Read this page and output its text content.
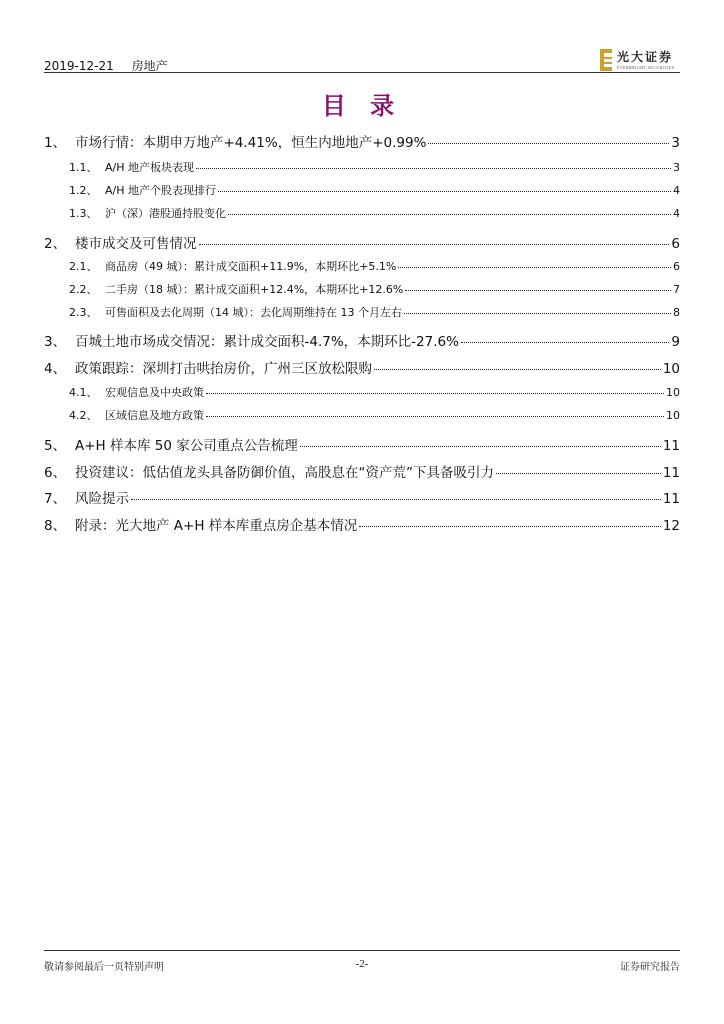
2019-12-21 房地产
光大证券
EVERBRIGHT SECURITIES
目 录
1、 市场行情：本期申万地产+4.41%，恒生内地地产+0.99%	3
1.1、 A/H 地产板块表现	3
1.2、 A/H 地产个股表现排行	4
1.3、 沪（深）港股通持股变化	4
2、 楼市成交及可售情况	6
2.1、 商品房（49 城）：累计成交面积+11.9%，本期环比+5.1%	6
2.2、 二手房（18 城）：累计成交面积+12.4%，本期环比+12.6%	7
2.3、 可售面积及去化周期（14 城）：去化周期维持在 13 个月左右	8
3、 百城土地市场成交情况：累计成交面积-4.7%，本期环比-27.6%	9
4、 政策跟踪：深圳打击哄抬房价，广州三区放松限购	10
4.1、 宏观信息及中央政策	10
4.2、 区域信息及地方政策	10
5、 A+H 样本库 50 家公司重点公告梳理	11
6、 投资建议：低估值龙头具备防御价值，高股息在“资产荒”下具备吸引力	11
7、 风险提示	11
8、 附录：光大地产 A+H 样本库重点房企基本情况	12
敬请参阅最后一页特别声明	-2-	证券研究报告
